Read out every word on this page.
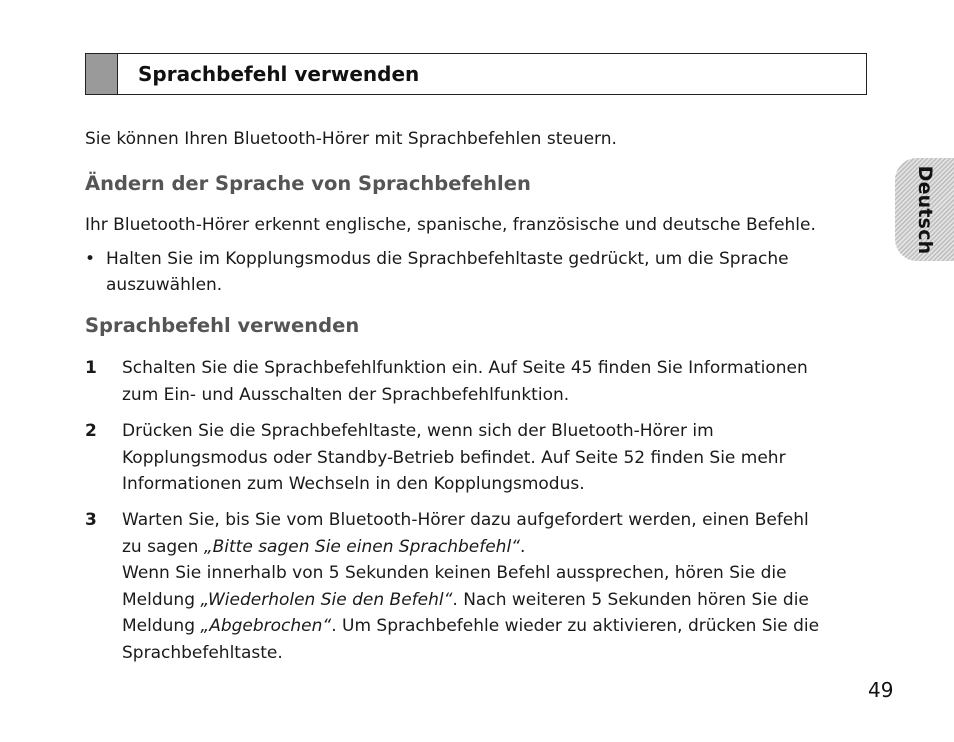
Sprachbefehl verwenden
Deutsch
Sie können Ihren Bluetooth-Hörer mit Sprachbefehlen steuern.
Ändern der Sprache von Sprachbefehlen
Ihr Bluetooth-Hörer erkennt englische, spanische, französische und deutsche Befehle.
• Halten Sie im Kopplungsmodus die Sprachbefehltaste gedrückt, um die Sprache
auszuwählen.
Sprachbefehl verwenden
1 Schalten Sie die Sprachbefehlfunktion ein. Auf Seite 45 finden Sie Informationen

zum Ein- und Ausschalten der Sprachbefehlfunktion.

2 Drücken Sie die Sprachbefehltaste, wenn sich der Bluetooth-Hörer im

Kopplungsmodus oder Standby-Betrieb befindet. Auf Seite 52 finden Sie mehr

Informationen zum Wechseln in den Kopplungsmodus.

3 Warten Sie, bis Sie vom Bluetooth-Hörer dazu aufgefordert werden, einen Befehl

zu sagen „Bitte sagen Sie einen Sprachbefehl“.

Wenn Sie innerhalb von 5 Sekunden keinen Befehl aussprechen, hören Sie die

Meldung „Wiederholen Sie den Befehl“. Nach weiteren 5 Sekunden hören Sie die

Meldung „Abgebrochen“. Um Sprachbefehle wieder zu aktivieren, drücken Sie die

Sprachbefehltaste.

49
